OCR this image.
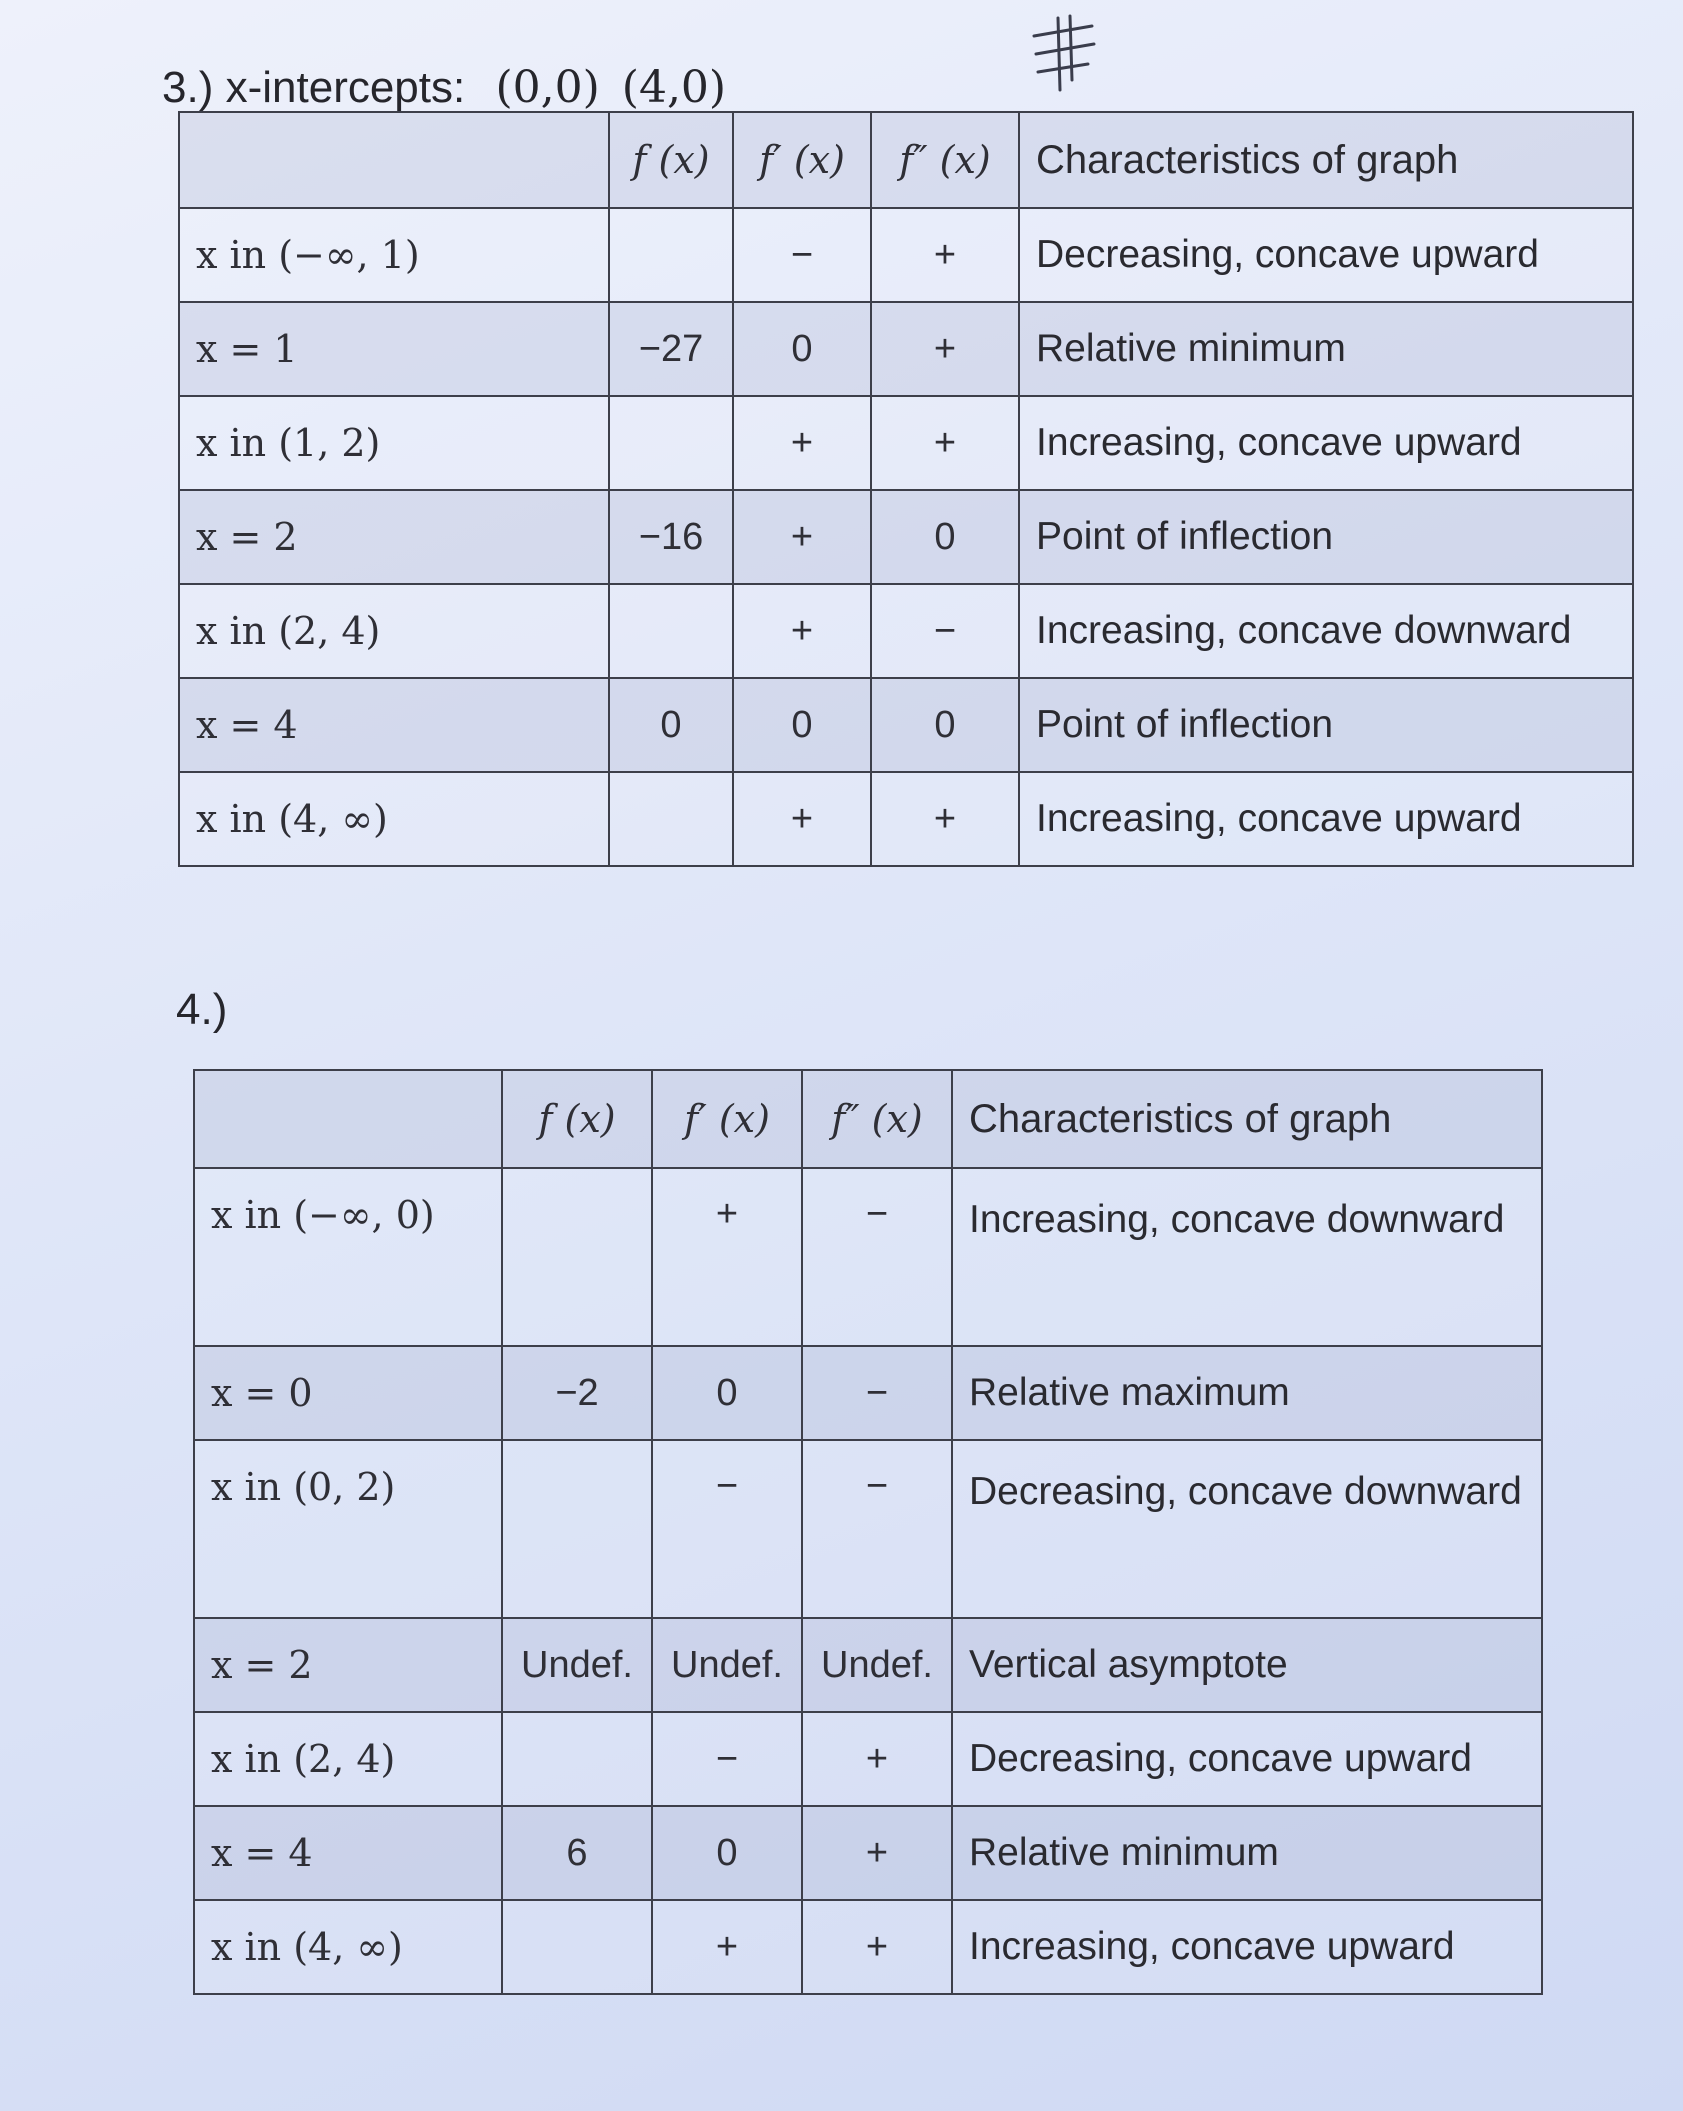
3.) x-intercepts: (0,0) (4,0)
	f (x)	f′ (x)	f″ (x)	Characteristics of graph
x in (−∞, 1)		−	+	Decreasing, concave upward
x = 1	−27	0	+	Relative minimum
x in (1, 2)		+	+	Increasing, concave upward
x = 2	−16	+	0	Point of inflection
x in (2, 4)		+	−	Increasing, concave downward
x = 4	0	0	0	Point of inflection
x in (4, ∞)		+	+	Increasing, concave upward
4.)
	f (x)	f′ (x)	f″ (x)	Characteristics of graph
x in (−∞, 0)		+	−	Increasing, concave downward
x = 0	−2	0	−	Relative maximum
x in (0, 2)		−	−	Decreasing, concave downward
x = 2	Undef.	Undef.	Undef.	Vertical asymptote
x in (2, 4)		−	+	Decreasing, concave upward
x = 4	6	0	+	Relative minimum
x in (4, ∞)		+	+	Increasing, concave upward
